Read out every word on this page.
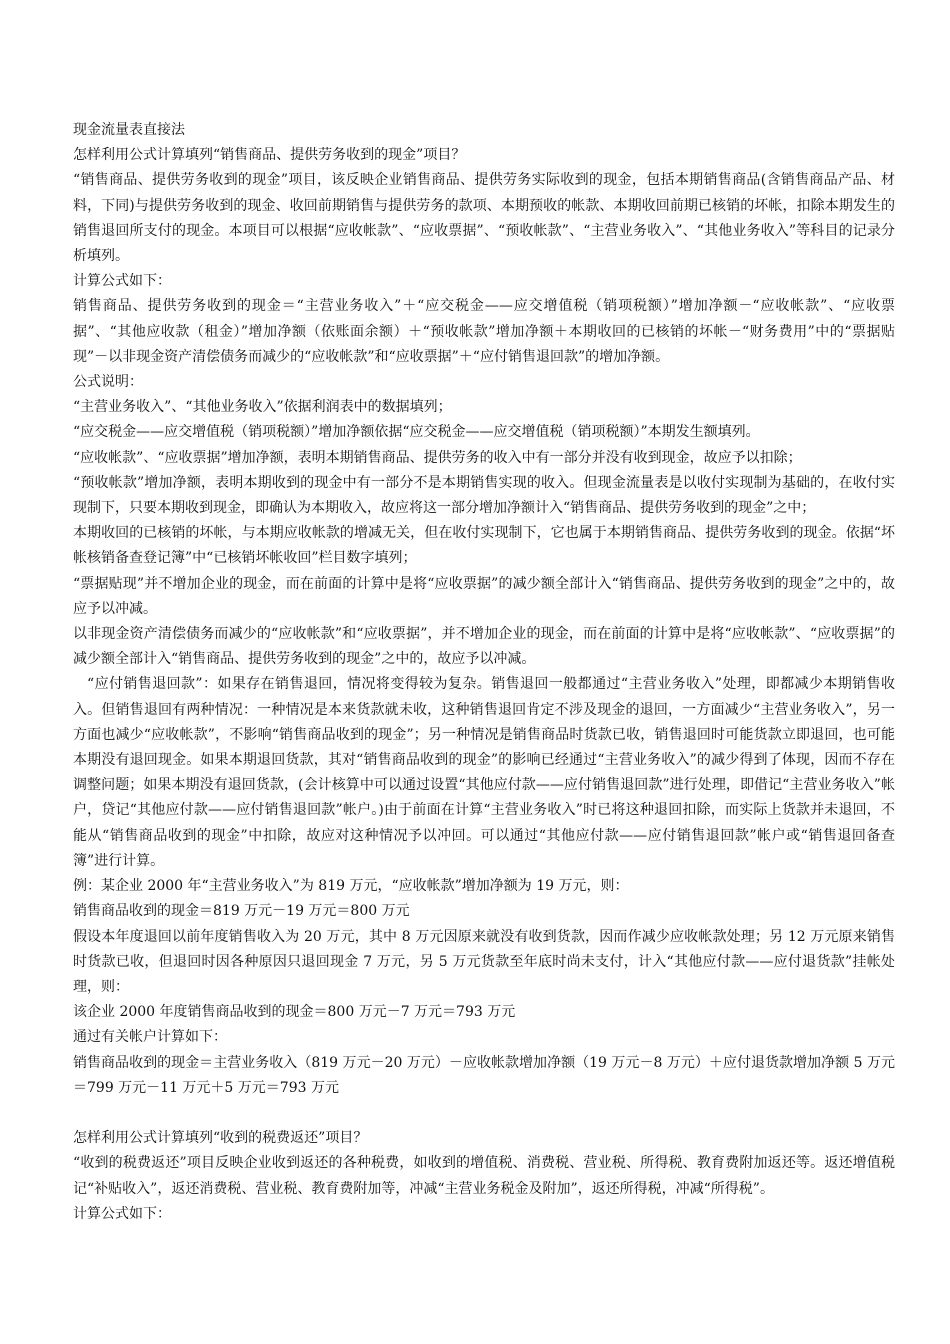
现金流量表直接法

怎样利用公式计算填列“销售商品、提供劳务收到的现金”项目？

“销售商品、提供劳务收到的现金”项目，该反映企业销售商品、提供劳务实际收到的现金，包括本期销售商品(含销售商品产品、材料，下同)与提供劳务收到的现金、收回前期销售与提供劳务的款项、本期预收的帐款、本期收回前期已核销的坏帐，扣除本期发生的销售退回所支付的现金。本项目可以根据“应收帐款”、“应收票据”、“预收帐款”、“主营业务收入”、“其他业务收入”等科目的记录分析填列。

计算公式如下：

销售商品、提供劳务收到的现金＝“主营业务收入”＋“应交税金——应交增值税（销项税额）”增加净额－“应收帐款”、“应收票据”、“其他应收款（租金）”增加净额（依账面余额）＋“预收帐款”增加净额＋本期收回的已核销的坏帐－“财务费用”中的“票据贴现”－以非现金资产清偿债务而减少的“应收帐款”和“应收票据”＋“应付销售退回款”的增加净额。

公式说明：

“主营业务收入”、“其他业务收入”依据利润表中的数据填列；

“应交税金——应交增值税（销项税额）”增加净额依据“应交税金——应交增值税（销项税额）”本期发生额填列。

“应收帐款”、“应收票据”增加净额，表明本期销售商品、提供劳务的收入中有一部分并没有收到现金，故应予以扣除；

“预收帐款”增加净额，表明本期收到的现金中有一部分不是本期销售实现的收入。但现金流量表是以收付实现制为基础的，在收付实现制下，只要本期收到现金，即确认为本期收入，故应将这一部分增加净额计入“销售商品、提供劳务收到的现金”之中；

本期收回的已核销的坏帐，与本期应收帐款的增减无关，但在收付实现制下，它也属于本期销售商品、提供劳务收到的现金。依据“坏帐核销备查登记簿”中“已核销坏帐收回”栏目数字填列；

“票据贴现”并不增加企业的现金，而在前面的计算中是将“应收票据”的减少额全部计入“销售商品、提供劳务收到的现金”之中的，故应予以冲减。

以非现金资产清偿债务而减少的“应收帐款”和“应收票据”，并不增加企业的现金，而在前面的计算中是将“应收帐款”、“应收票据”的减少额全部计入“销售商品、提供劳务收到的现金”之中的，故应予以冲减。

“应付销售退回款”：如果存在销售退回，情况将变得较为复杂。销售退回一般都通过“主营业务收入”处理，即都减少本期销售收入。但销售退回有两种情况：一种情况是本来货款就未收，这种销售退回肯定不涉及现金的退回，一方面减少“主营业务收入”，另一方面也减少“应收帐款”，不影响“销售商品收到的现金”；另一种情况是销售商品时货款已收，销售退回时可能货款立即退回，也可能本期没有退回现金。如果本期退回货款，其对“销售商品收到的现金”的影响已经通过“主营业务收入”的减少得到了体现，因而不存在调整问题；如果本期没有退回货款，(会计核算中可以通过设置“其他应付款——应付销售退回款”进行处理，即借记“主营业务收入”帐户，贷记“其他应付款——应付销售退回款”帐户。)由于前面在计算“主营业务收入”时已将这种退回扣除，而实际上货款并未退回，不能从“销售商品收到的现金”中扣除，故应对这种情况予以冲回。可以通过“其他应付款——应付销售退回款”帐户或“销售退回备查簿”进行计算。

例：某企业 2000 年“主营业务收入”为 819 万元，“应收帐款”增加净额为 19 万元，则：

销售商品收到的现金＝819 万元－19 万元＝800 万元

假设本年度退回以前年度销售收入为 20 万元，其中 8 万元因原来就没有收到货款，因而作减少应收帐款处理；另 12 万元原来销售时货款已收，但退回时因各种原因只退回现金 7 万元，另 5 万元货款至年底时尚未支付，计入“其他应付款——应付退货款”挂帐处理，则：

该企业 2000 年度销售商品收到的现金＝800 万元－7 万元＝793 万元

通过有关帐户计算如下：

销售商品收到的现金＝主营业务收入（819 万元－20 万元）－应收帐款增加净额（19 万元－8 万元）＋应付退货款增加净额 5 万元＝799 万元－11 万元＋5 万元＝793 万元

怎样利用公式计算填列“收到的税费返还”项目？

“收到的税费返还”项目反映企业收到返还的各种税费，如收到的增值税、消费税、营业税、所得税、教育费附加返还等。返还增值税记“补贴收入”，返还消费税、营业税、教育费附加等，冲减“主营业务税金及附加”，返还所得税，冲减“所得税”。

计算公式如下：
